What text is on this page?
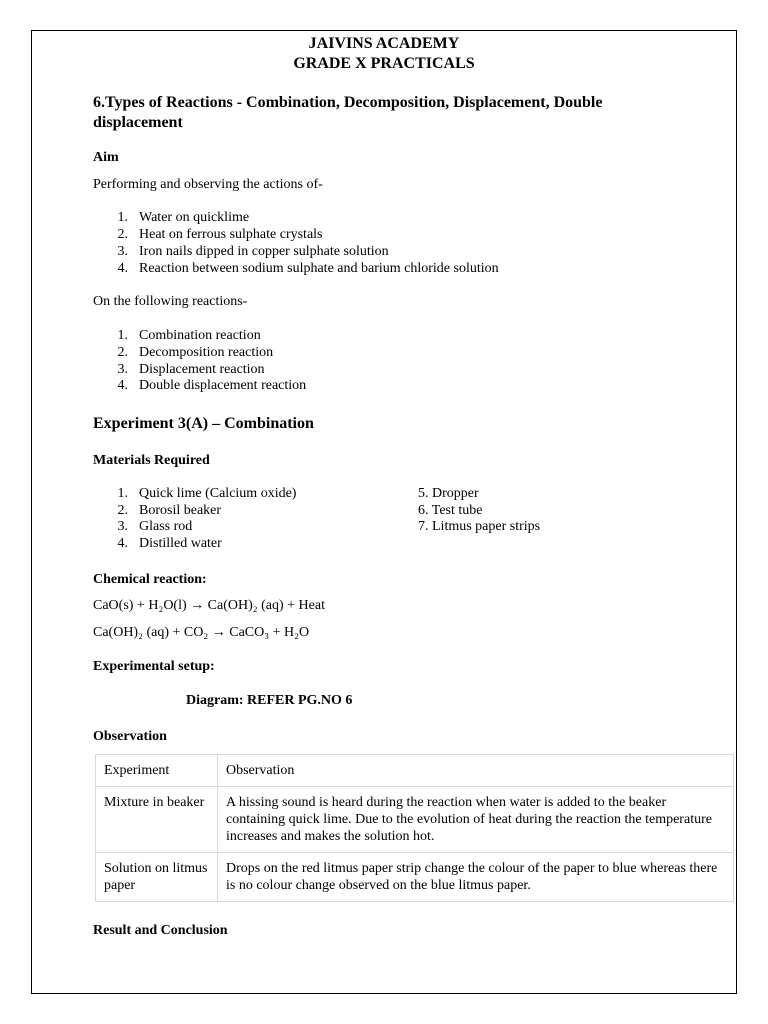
JAIVINS ACADEMY
GRADE X PRACTICALS
6.Types of Reactions - Combination, Decomposition, Displacement, Double
displacement
Aim
Performing and observing the actions of-
1. Water on quicklime
2. Heat on ferrous sulphate crystals
3. Iron nails dipped in copper sulphate solution
4. Reaction between sodium sulphate and barium chloride solution
On the following reactions-
1. Combination reaction
2. Decomposition reaction
3. Displacement reaction
4. Double displacement reaction
Experiment 3(A) – Combination
Materials Required
1. Quick lime (Calcium oxide)
2. Borosil beaker
3. Glass rod
4. Distilled water
5. Dropper
6. Test tube
7. Litmus paper strips
Chemical reaction:
CaO(s) + H₂O(l) → Ca(OH)₂ (aq) + Heat
Ca(OH)₂ (aq) + CO₂ → CaCO₃ + H₂O
Experimental setup:
Diagram: REFER PG.NO 6
Observation
Experiment	Observation
Mixture in beaker	A hissing sound is heard during the reaction when water is added to the beaker containing quick lime. Due to the evolution of heat during the reaction the temperature increases and makes the solution hot.
Solution on litmus paper	Drops on the red litmus paper strip change the colour of the paper to blue whereas there is no colour change observed on the blue litmus paper.
Result and Conclusion
